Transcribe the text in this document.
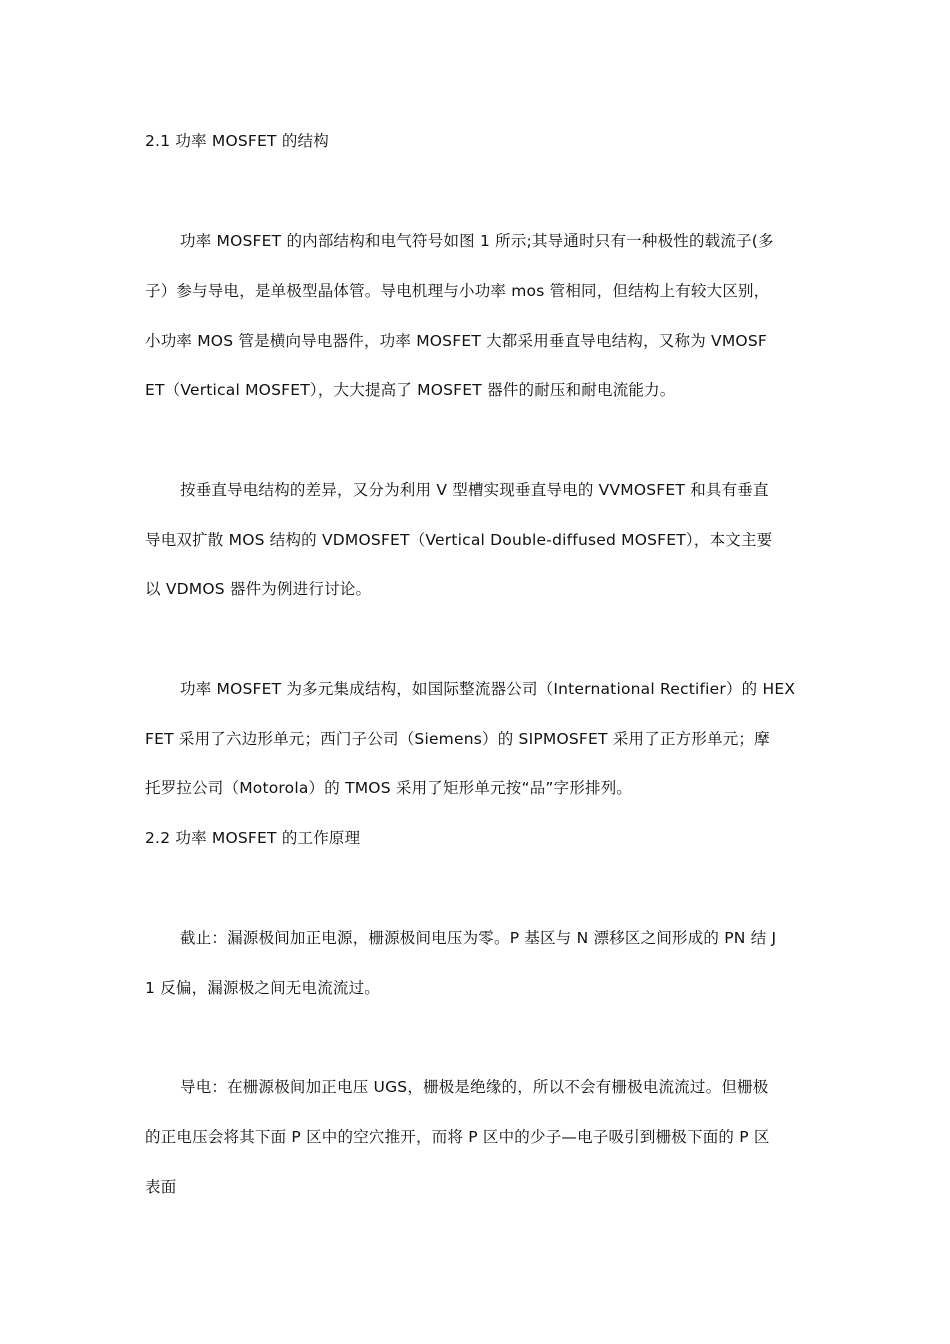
2.1 功率 MOSFET 的结构
功率 MOSFET 的内部结构和电气符号如图 1 所示;其导通时只有一种极性的载流子(多
子）参与导电，是单极型晶体管。导电机理与小功率 mos 管相同，但结构上有较大区别，
小功率 MOS 管是横向导电器件，功率 MOSFET 大都采用垂直导电结构，又称为 VMOSF
ET（Vertical MOSFET），大大提高了 MOSFET 器件的耐压和耐电流能力。
按垂直导电结构的差异，又分为利用 V 型槽实现垂直导电的 VVMOSFET 和具有垂直
导电双扩散 MOS 结构的 VDMOSFET（Vertical Double-diffused MOSFET），本文主要
以 VDMOS 器件为例进行讨论。
功率 MOSFET 为多元集成结构，如国际整流器公司（International Rectifier）的 HEX
FET 采用了六边形单元；西门子公司（Siemens）的 SIPMOSFET 采用了正方形单元；摩
托罗拉公司（Motorola）的 TMOS 采用了矩形单元按“品”字形排列。
2.2 功率 MOSFET 的工作原理
截止：漏源极间加正电源，栅源极间电压为零。P 基区与 N 漂移区之间形成的 PN 结 J
1 反偏，漏源极之间无电流流过。
导电：在栅源极间加正电压 UGS，栅极是绝缘的，所以不会有栅极电流流过。但栅极
的正电压会将其下面 P 区中的空穴推开，而将 P 区中的少子—电子吸引到栅极下面的 P 区
表面
